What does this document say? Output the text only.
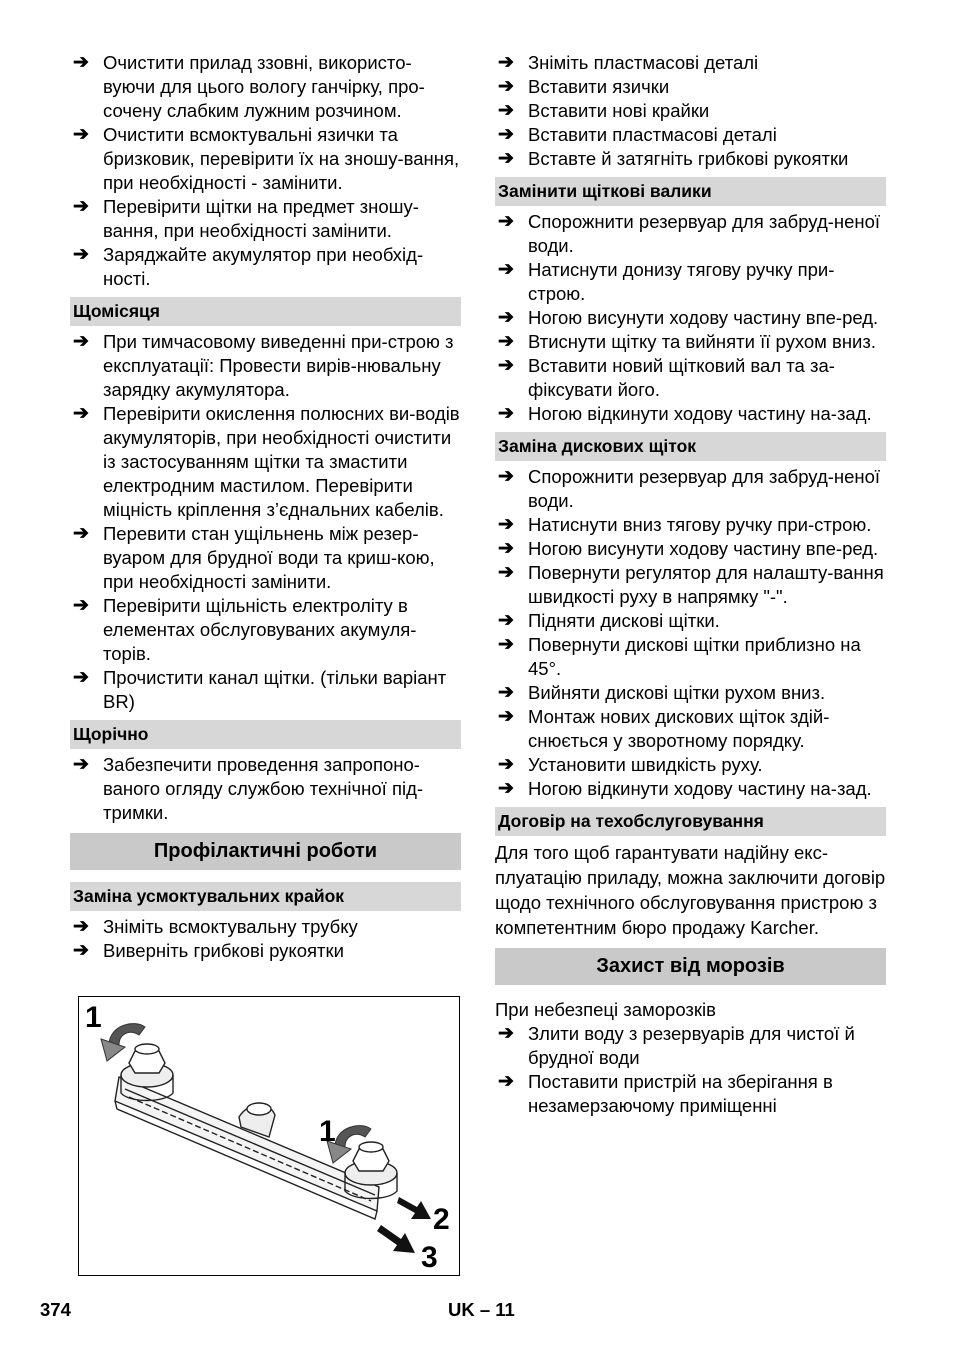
➔ Очистити прилад ззовні, використо-вуючи для цього вологу ганчірку, про-сочену слабким лужним розчином.
➔ Очистити всмоктувальні язички та бризковик, перевірити їх на зношу-вання, при необхідності - замінити.
➔ Перевірити щітки на предмет зношу-вання, при необхідності замінити.
➔ Заряджайте акумулятор при необхід-ності.
Щомісяця
➔ При тимчасовому виведенні при-строю з експлуатації: Провести вирів-нювальну зарядку акумулятора.
➔ Перевірити окислення полюсних ви-водів акумуляторів, при необхідності очистити із застосуванням щітки та змастити електродним мастилом. Перевірити міцність кріплення з’єднальних кабелів.
➔ Перевити стан ущільнень між резер-вуаром для брудної води та криш-кою, при необхідності замінити.
➔ Перевірити щільність електроліту в елементах обслуговуваних акумуля-торів.
➔ Прочистити канал щітки. (тільки варіант BR)
Щорічно
➔ Забезпечити проведення запропоно-ваного огляду службою технічної під-тримки.
Профілактичні роботи
Заміна усмоктувальних крайок
➔ Зніміть всмоктувальну трубку
➔ Виверніть грибкові рукоятки
1
1
2
3
➔ Зніміть пластмасові деталі
➔ Вставити язички
➔ Вставити нові крайки
➔ Вставити пластмасові деталі
➔ Вставте й затягніть грибкові рукоятки
Замінити щіткові валики
➔ Спорожнити резервуар для забруд-неної води.
➔ Натиснути донизу тягову ручку при-строю.
➔ Ногою висунути ходову частину впе-ред.
➔ Втиснути щітку та вийняти її рухом вниз.
➔ Вставити новий щітковий вал та за-фіксувати його.
➔ Ногою відкинути ходову частину на-зад.
Заміна дискових щіток
➔ Спорожнити резервуар для забруд-неної води.
➔ Натиснути вниз тягову ручку при-строю.
➔ Ногою висунути ходову частину впе-ред.
➔ Повернути регулятор для налашту-вання швидкості руху в напрямку "-".
➔ Підняти дискові щітки.
➔ Повернути дискові щітки приблизно на 45°.
➔ Вийняти дискові щітки рухом вниз.
➔ Монтаж нових дискових щіток здій-снюється у зворотному порядку.
➔ Установити швидкість руху.
➔ Ногою відкинути ходову частину на-зад.
Договір на техобслуговування

Для того щоб гарантувати надійну екс-плуатацію приладу, можна заключити договір щодо технічного обслуговування пристрою з компетентним бюро продажу Karcher.

Захист від морозів

При небезпеці заморозків

➔ Злити воду з резервуарів для чистої й брудної води
➔ Поставити пристрій на зберігання в незамерзаючому приміщенні
374	UK – 11
